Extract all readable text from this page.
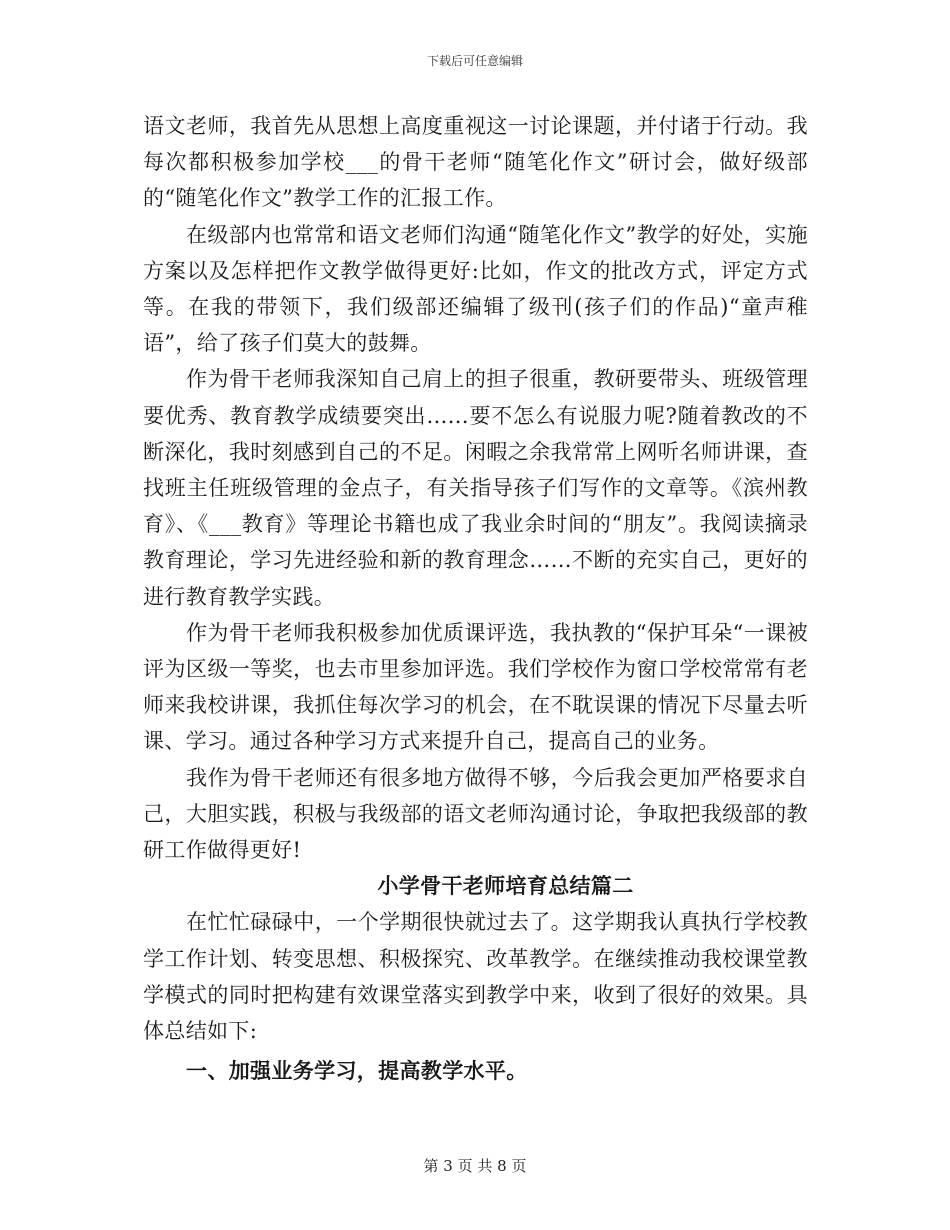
下载后可任意编辑

语文老师，我首先从思想上高度重视这一讨论课题，并付诸于行动。我每次都积极参加学校___的骨干老师“随笔化作文”研讨会，做好级部的“随笔化作文”教学工作的汇报工作。

在级部内也常常和语文老师们沟通“随笔化作文”教学的好处，实施方案以及怎样把作文教学做得更好:比如，作文的批改方式，评定方式等。在我的带领下，我们级部还编辑了级刊(孩子们的作品)“童声稚语”，给了孩子们莫大的鼓舞。

作为骨干老师我深知自己肩上的担子很重，教研要带头、班级管理要优秀、教育教学成绩要突出……要不怎么有说服力呢?随着教改的不断深化，我时刻感到自己的不足。闲暇之余我常常上网听名师讲课，查找班主任班级管理的金点子，有关指导孩子们写作的文章等。《滨州教育》、《___教育》等理论书籍也成了我业余时间的“朋友”。我阅读摘录教育理论，学习先进经验和新的教育理念……不断的充实自己，更好的进行教育教学实践。

作为骨干老师我积极参加优质课评选，我执教的“保护耳朵“一课被评为区级一等奖，也去市里参加评选。我们学校作为窗口学校常常有老师来我校讲课，我抓住每次学习的机会，在不耽误课的情况下尽量去听课、学习。通过各种学习方式来提升自己，提高自己的业务。

我作为骨干老师还有很多地方做得不够，今后我会更加严格要求自己，大胆实践，积极与我级部的语文老师沟通讨论，争取把我级部的教研工作做得更好!

小学骨干老师培育总结篇二

在忙忙碌碌中，一个学期很快就过去了。这学期我认真执行学校教学工作计划、转变思想、积极探究、改革教学。在继续推动我校课堂教学模式的同时把构建有效课堂落实到教学中来，收到了很好的效果。具体总结如下:

一、加强业务学习，提高教学水平。

第 3 页 共 8 页
